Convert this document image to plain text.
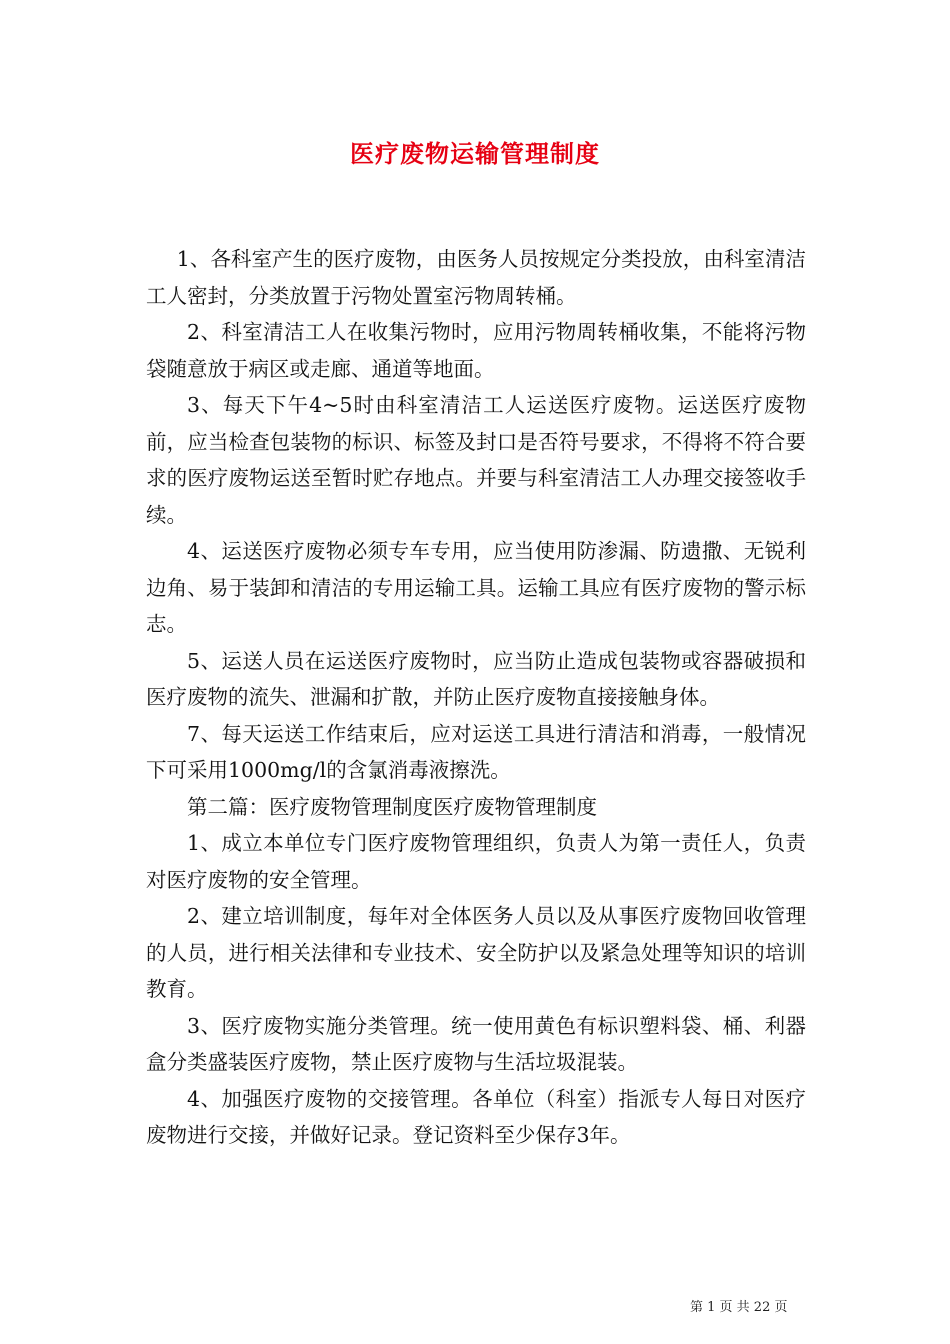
医疗废物运输管理制度

1、各科室产生的医疗废物，由医务人员按规定分类投放，由科室清洁工人密封，分类放置于污物处置室污物周转桶。

2、科室清洁工人在收集污物时，应用污物周转桶收集，不能将污物袋随意放于病区或走廊、通道等地面。

3、每天下午4~5时由科室清洁工人运送医疗废物。运送医疗废物前，应当检查包装物的标识、标签及封口是否符号要求，不得将不符合要求的医疗废物运送至暂时贮存地点。并要与科室清洁工人办理交接签收手续。

4、运送医疗废物必须专车专用，应当使用防渗漏、防遗撒、无锐利边角、易于装卸和清洁的专用运输工具。运输工具应有医疗废物的警示标志。

5、运送人员在运送医疗废物时，应当防止造成包装物或容器破损和医疗废物的流失、泄漏和扩散，并防止医疗废物直接接触身体。

7、每天运送工作结束后，应对运送工具进行清洁和消毒，一般情况下可采用1000mg/l的含氯消毒液擦洗。

第二篇：医疗废物管理制度医疗废物管理制度

1、成立本单位专门医疗废物管理组织，负责人为第一责任人，负责对医疗废物的安全管理。

2、建立培训制度，每年对全体医务人员以及从事医疗废物回收管理的人员，进行相关法律和专业技术、安全防护以及紧急处理等知识的培训教育。

3、医疗废物实施分类管理。统一使用黄色有标识塑料袋、桶、利器盒分类盛装医疗废物，禁止医疗废物与生活垃圾混装。

4、加强医疗废物的交接管理。各单位（科室）指派专人每日对医疗废物进行交接，并做好记录。登记资料至少保存3年。

第 1 页 共 22 页
